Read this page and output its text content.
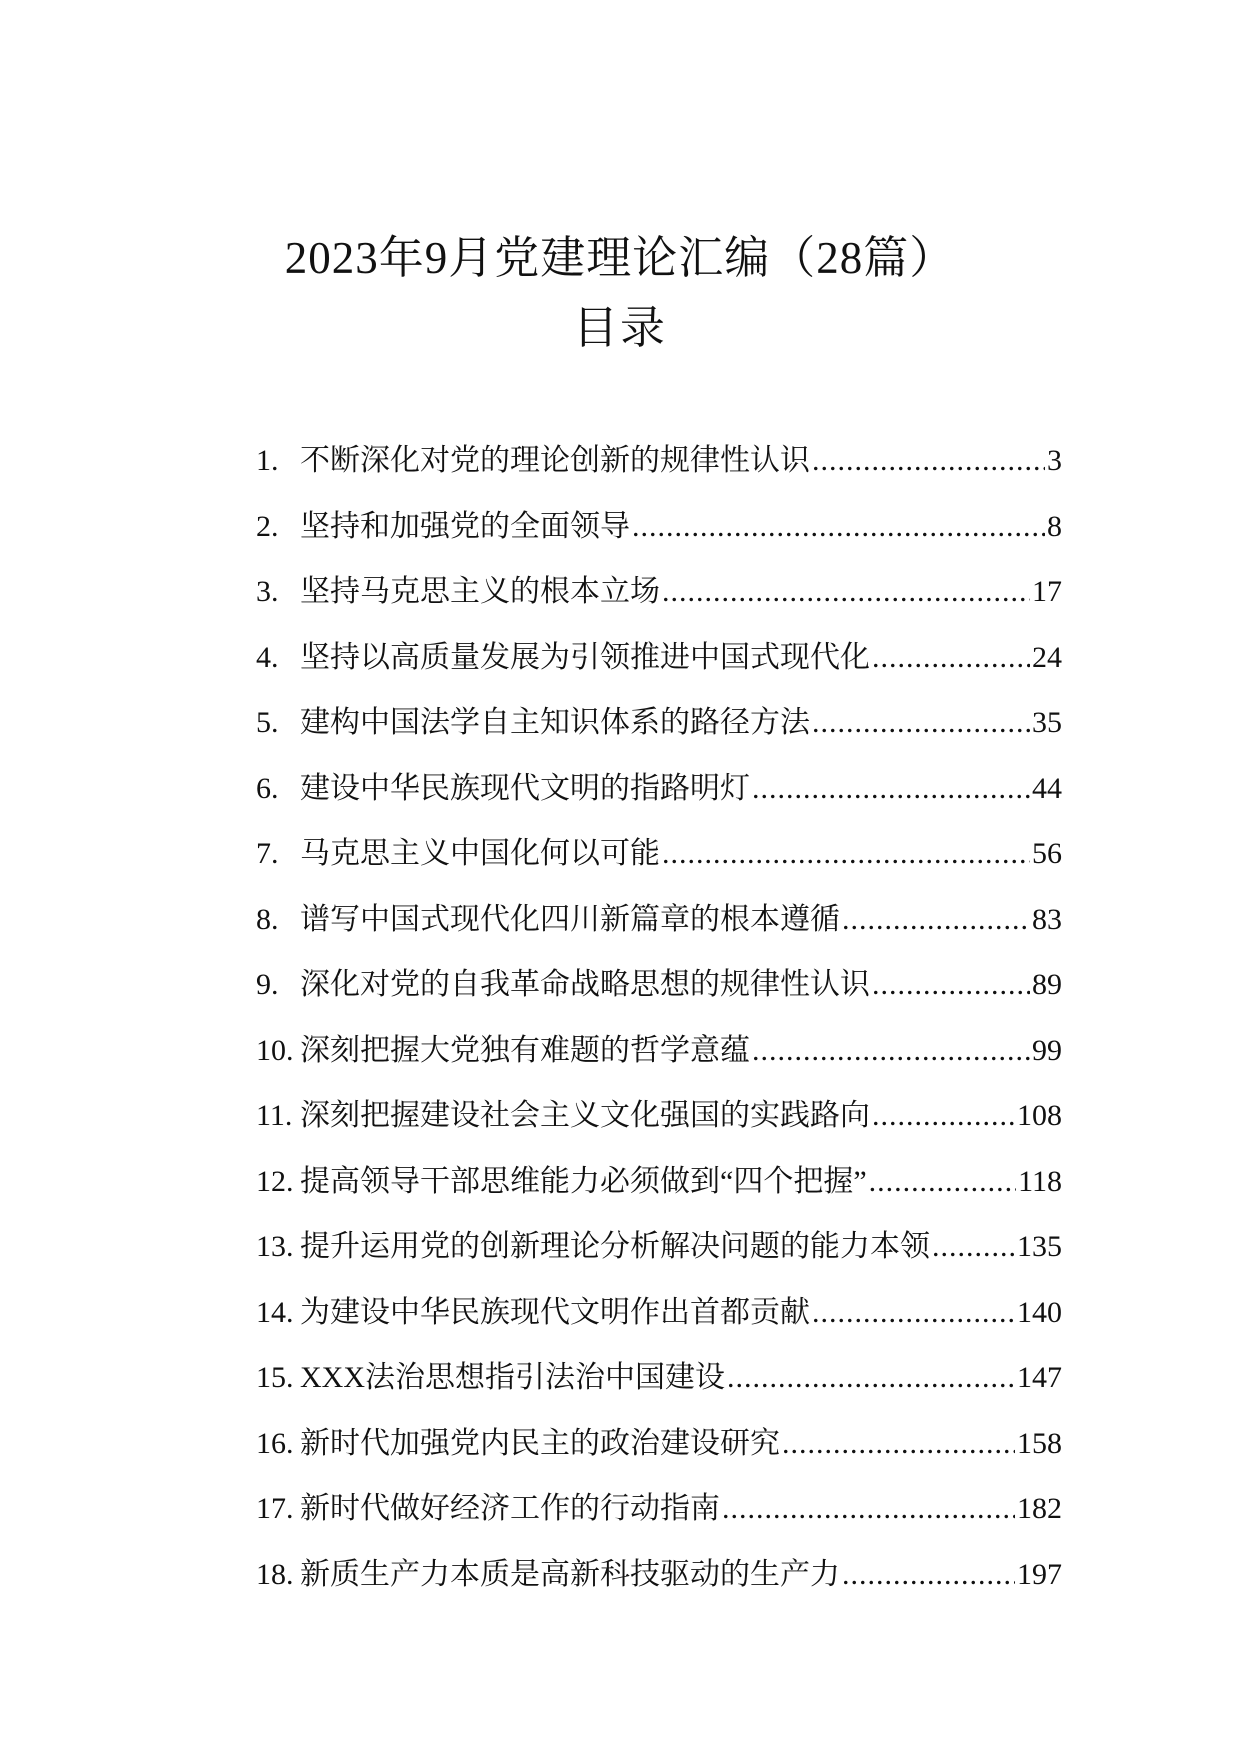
2023年9月党建理论汇编（28篇）
目录
1. 不断深化对党的理论创新的规律性认识 .....	3
2. 坚持和加强党的全面领导 .....	8
3. 坚持马克思主义的根本立场 .....	17
4. 坚持以高质量发展为引领推进中国式现代化 .....	24
5. 建构中国法学自主知识体系的路径方法 .....	35
6. 建设中华民族现代文明的指路明灯 .....	44
7. 马克思主义中国化何以可能 .....	56
8. 谱写中国式现代化四川新篇章的根本遵循 .....	83
9. 深化对党的自我革命战略思想的规律性认识 .....	89
10. 深刻把握大党独有难题的哲学意蕴 .....	99
11. 深刻把握建设社会主义文化强国的实践路向 .....	108
12. 提高领导干部思维能力必须做到“四个把握” .....	118
13. 提升运用党的创新理论分析解决问题的能力本领 .....	135
14. 为建设中华民族现代文明作出首都贡献 .....	140
15. XXX法治思想指引法治中国建设 .....	147
16. 新时代加强党内民主的政治建设研究 .....	158
17. 新时代做好经济工作的行动指南 .....	182
18. 新质生产力本质是高新科技驱动的生产力 .....	197
